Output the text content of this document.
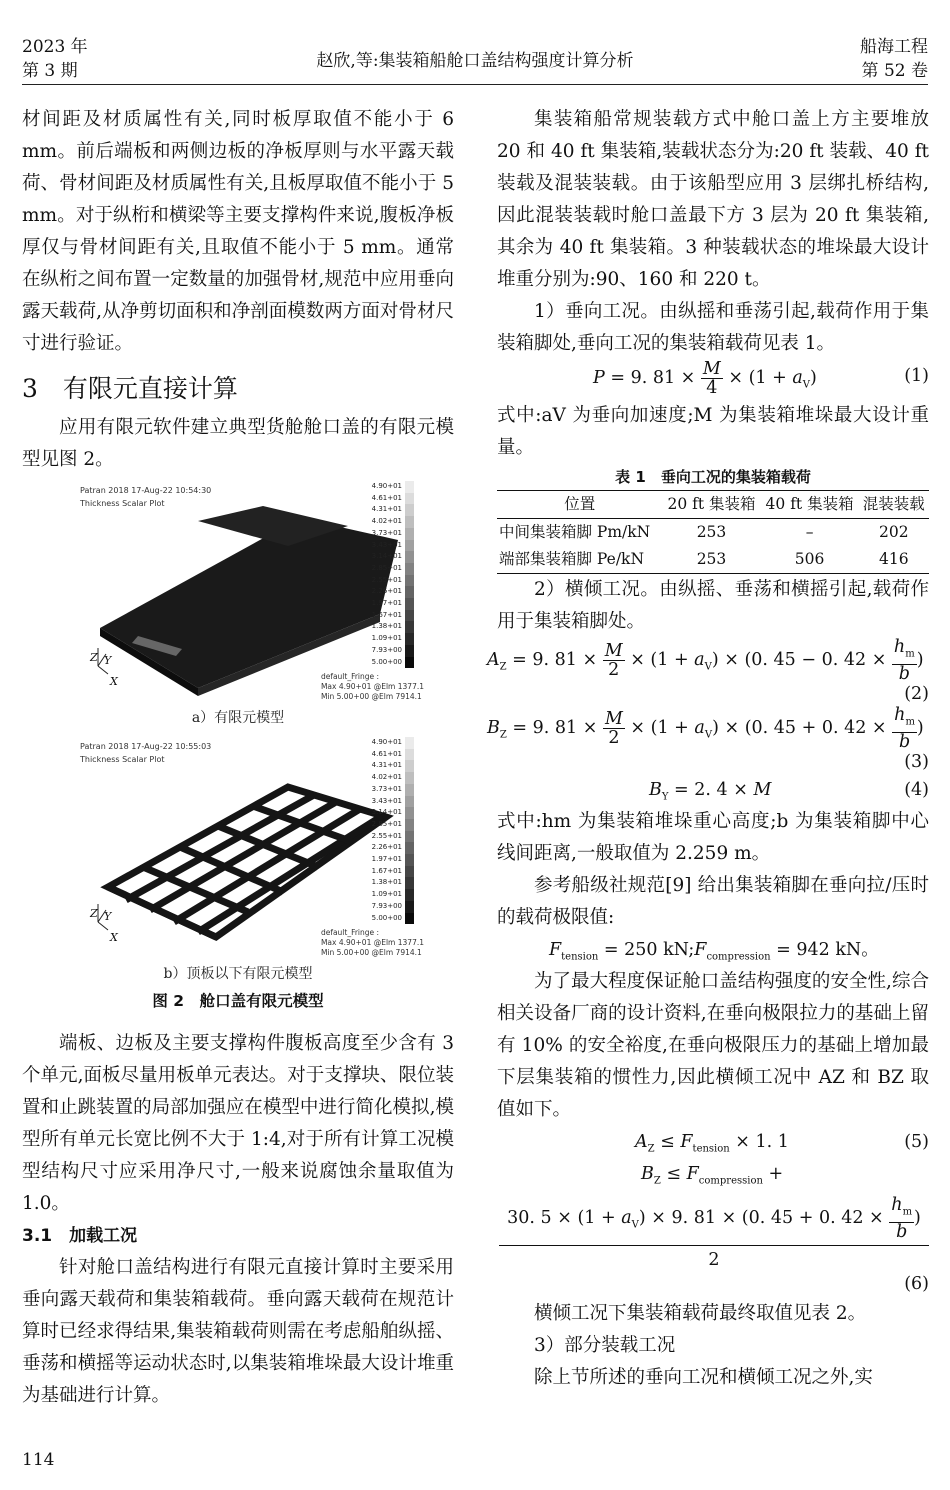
2023 年
第 3 期	赵欣,等:集装箱船舱口盖结构强度计算分析
船海工程
第 52 卷

材间距及材质属性有关,同时板厚取值不能小于 6 mm。前后端板和两侧边板的净板厚则与水平露天载荷、骨材间距及材质属性有关,且板厚取值不能小于 5 mm。对于纵桁和横梁等主要支撑构件来说,腹板净板厚仅与骨材间距有关,且取值不能小于 5 mm。通常在纵桁之间布置一定数量的加强骨材,规范中应用垂向露天载荷,从净剪切面积和净剖面模数两方面对骨材尺寸进行验证。

3　有限元直接计算

应用有限元软件建立典型货舱舱口盖的有限元模型见图 2。

Patran 2018 17-Aug-22 10:54:30
Thickness Scalar Plot
4.90+01
4.61+01
4.31+01
4.02+01
3.73+01
3.43+01
3.14+01
2.85+01
2.55+01
2.26+01
1.97+01
1.67+01
1.38+01
1.09+01
7.93+00
5.00+00
Z Y
X	default_Fringe :
Max 4.90+01 @Elm 1377.1
Min 5.00+00 @Elm 7914.1
a）有限元模型
Patran 2018 17-Aug-22 10:55:03
Thickness Scalar Plot
4.90+01
4.61+01
4.31+01
4.02+01
3.73+01
3.43+01
3.14+01
2.85+01
2.55+01
2.26+01
1.97+01
1.67+01
1.38+01
1.09+01
7.93+00
5.00+00
Z Y
X	default_Fringe :
Max 4.90+01 @Elm 1377.1
Min 5.00+00 @Elm 7914.1
b）顶板以下有限元模型
图 2　舱口盖有限元模型

端板、边板及主要支撑构件腹板高度至少含有 3 个单元,面板尽量用板单元表达。对于支撑块、限位装置和止跳装置的局部加强应在模型中进行简化模拟,模型所有单元长宽比例不大于 1:4,对于所有计算工况模型结构尺寸应采用净尺寸,一般来说腐蚀余量取值为 1.0。

3.1　加载工况

针对舱口盖结构进行有限元直接计算时主要采用垂向露天载荷和集装箱载荷。垂向露天载荷在规范计算时已经求得结果,集装箱载荷则需在考虑船舶纵摇、垂荡和横摇等运动状态时,以集装箱堆垛最大设计堆重为基础进行计算。

集装箱船常规装载方式中舱口盖上方主要堆放 20 和 40 ft 集装箱,装载状态分为:20 ft 装载、40 ft 装载及混装装载。由于该船型应用 3 层绑扎桥结构,因此混装装载时舱口盖最下方 3 层为 20 ft 集装箱,其余为 40 ft 集装箱。3 种装载状态的堆垛最大设计堆重分别为:90、160 和 220 t。

1）垂向工况。由纵摇和垂荡引起,载荷作用于集装箱脚处,垂向工况的集装箱载荷见表 1。

P = 9. $81 \times \frac{M}{4} \times (1 + a_V)$	(1)

式中:aV 为垂向加速度;M 为集装箱堆垛最大设计重量。

表 1　垂向工况的集装箱载荷
位置	20 ft 集装箱	40 ft 集装箱	混装装载
中间集装箱脚 Pm/kN	253	–	202
端部集装箱脚 Pe/kN	253	506	416

2）横倾工况。由纵摇、垂荡和横摇引起,载荷作用于集装箱脚处。

$A_Z = 9$. $81 \times \frac{M}{2} \times (1 + a_V) \times (0$. 45 − 0. $42 \times \frac{h_m}{b}$ )
(2)
$B_Z = 9$. $81 \times \frac{M}{2} \times (1 + a_V) \times (0$. 45 + 0. $42 \times \frac{h_m}{b}$ )
(3)
$B_Y = 2$. 4 × M	(4)

式中:hm 为集装箱堆垛重心高度;b 为集装箱脚中心线间距离,一般取值为 2.259 m。

参考船级社规范[9] 给出集装箱脚在垂向拉/压时的载荷极限值:

$F_{tension} = 250$ $kN;F_{compression} = 942$ kN。

为了最大程度保证舱口盖结构强度的安全性,综合相关设备厂商的设计资料,在垂向极限拉力的基础上留有 10% 的安全裕度,在垂向极限压力的基础上增加最下层集装箱的惯性力,因此横倾工况中 AZ 和 BZ 取值如下。

$A_Z \le F_{tension} \times 1$. 1	(5)
$B_Z \le F_{compression}$ +
30. $5 \times (1 + a_V) \times 9$. 81 × (0. 45 + 0. $42 \times \frac{h_m}{b}$ )
2
(6)

横倾工况下集装箱载荷最终取值见表 2。

3）部分装载工况

除上节所述的垂向工况和横倾工况之外,实

114
